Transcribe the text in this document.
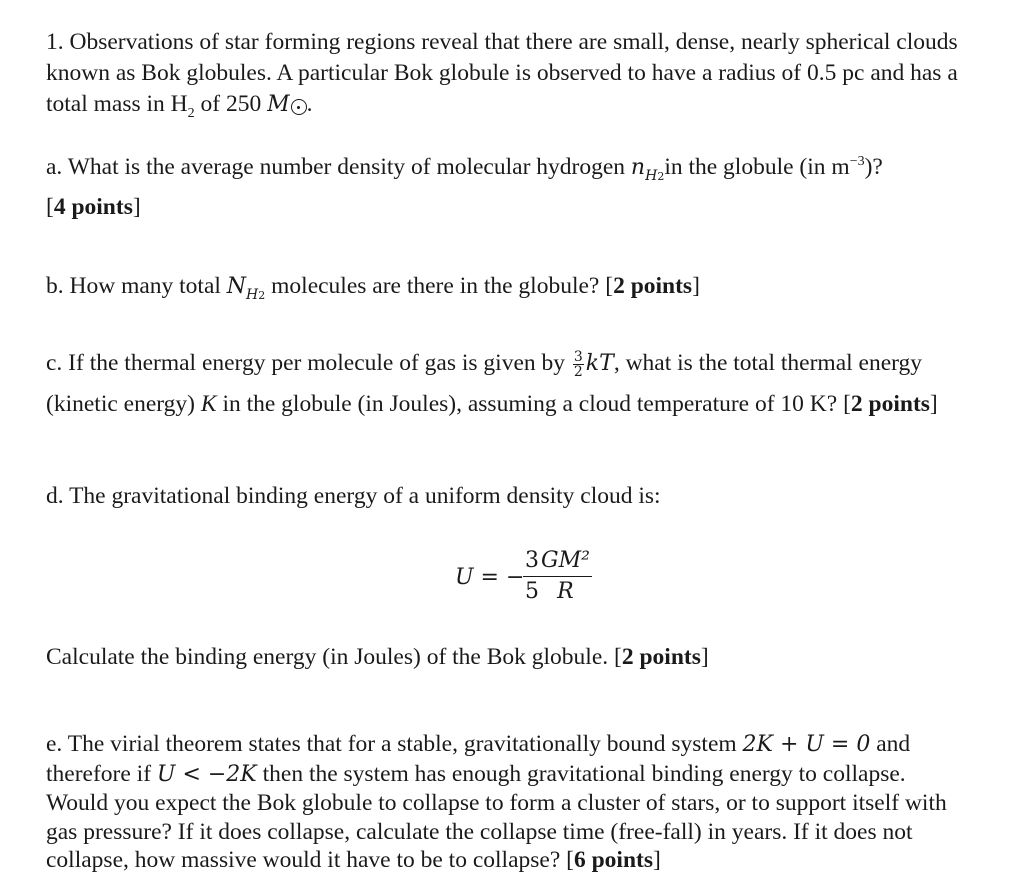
1. Observations of star forming regions reveal that there are small, dense, nearly spherical clouds
known as Bok globules. A particular Bok globule is observed to have a radius of 0.5 pc and has a
total mass in $H_2$ of 250 M .
a. What is the average number density of molecular hydrogen $n_{H2}in$ the globule (in $m^{-3}$)?
[4 points]
b. How many total $N_{H2}$ molecules are there in the globule? [2 points]
c. If the thermal energy per molecule of gas is given by $\frac{3}{2}$ kT, what is the total thermal energy
(kinetic energy) K in the globule (in Joules), assuming a cloud temperature of 10 K? [2 points]
d. The gravitational binding energy of a uniform density cloud is:
U = −
$\frac{3}{5}$
$\frac{\text{GM²}}{R}$
Calculate the binding energy (in Joules) of the Bok globule. [2 points]
e. The virial theorem states that for a stable, gravitationally bound system 2K + U = 0 and
therefore if U < −2K then the system has enough gravitational binding energy to collapse.
Would you expect the Bok globule to collapse to form a cluster of stars, or to support itself with
gas pressure? If it does collapse, calculate the collapse time (free-fall) in years. If it does not
collapse, how massive would it have to be to collapse? [6 points]
